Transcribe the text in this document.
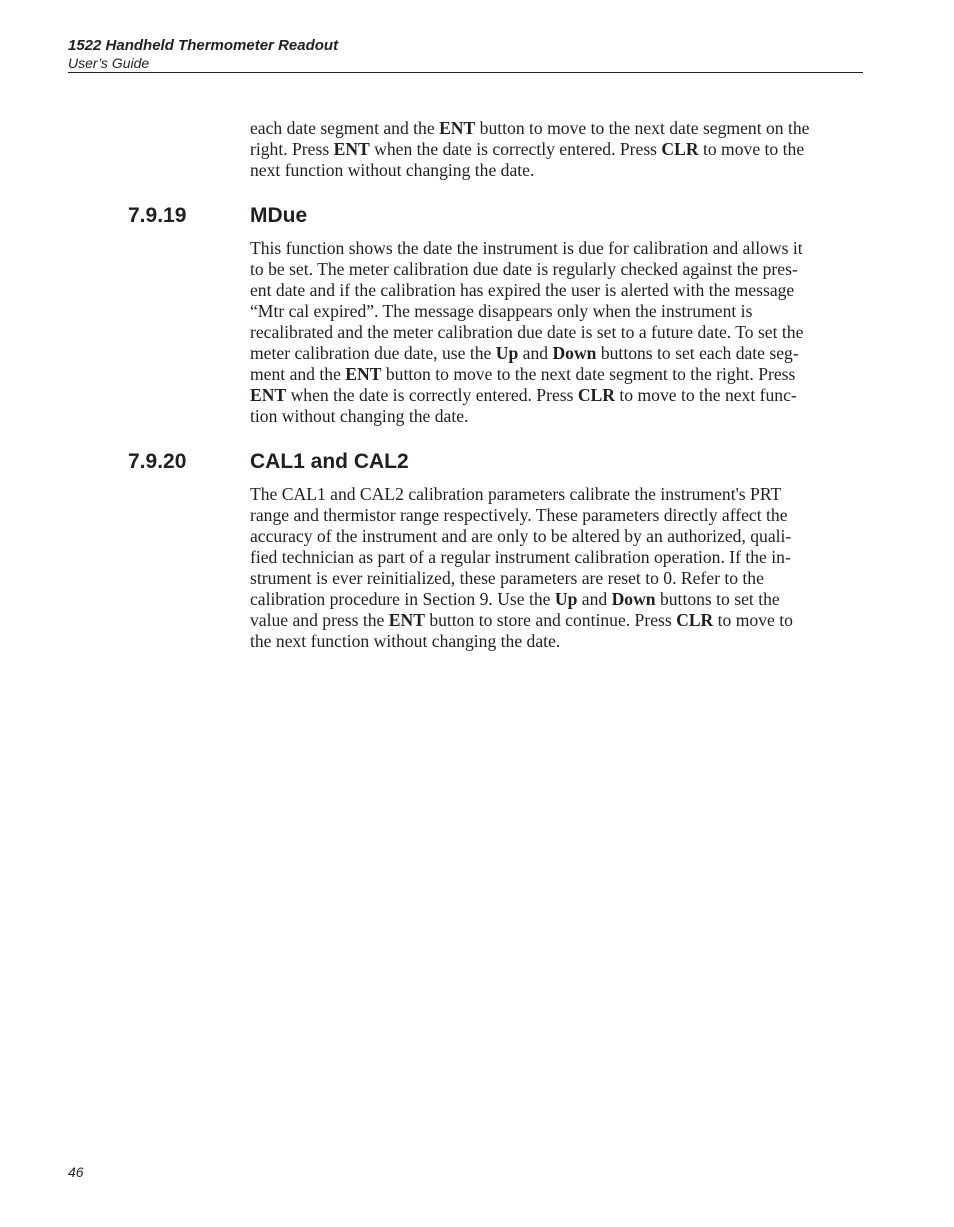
1522 Handheld Thermometer Readout
User’s Guide

each date segment and the ENT button to move to the next date segment on the
right. Press ENT when the date is correctly entered. Press CLR to move to the
next function without changing the date.

7.9.19	MDue

This function shows the date the instrument is due for calibration and allows it
to be set. The meter calibration due date is regularly checked against the pres-
ent date and if the calibration has expired the user is alerted with the message
“Mtr cal expired”. The message disappears only when the instrument is
recalibrated and the meter calibration due date is set to a future date. To set the
meter calibration due date, use the Up and Down buttons to set each date seg-
ment and the ENT button to move to the next date segment to the right. Press
ENT when the date is correctly entered. Press CLR to move to the next func-
tion without changing the date.

7.9.20	CAL1 and CAL2

The CAL1 and CAL2 calibration parameters calibrate the instrument's PRT
range and thermistor range respectively. These parameters directly affect the
accuracy of the instrument and are only to be altered by an authorized, quali-
fied technician as part of a regular instrument calibration operation. If the in-
strument is ever reinitialized, these parameters are reset to 0. Refer to the
calibration procedure in Section 9. Use the Up and Down buttons to set the
value and press the ENT button to store and continue. Press CLR to move to
the next function without changing the date.

46
